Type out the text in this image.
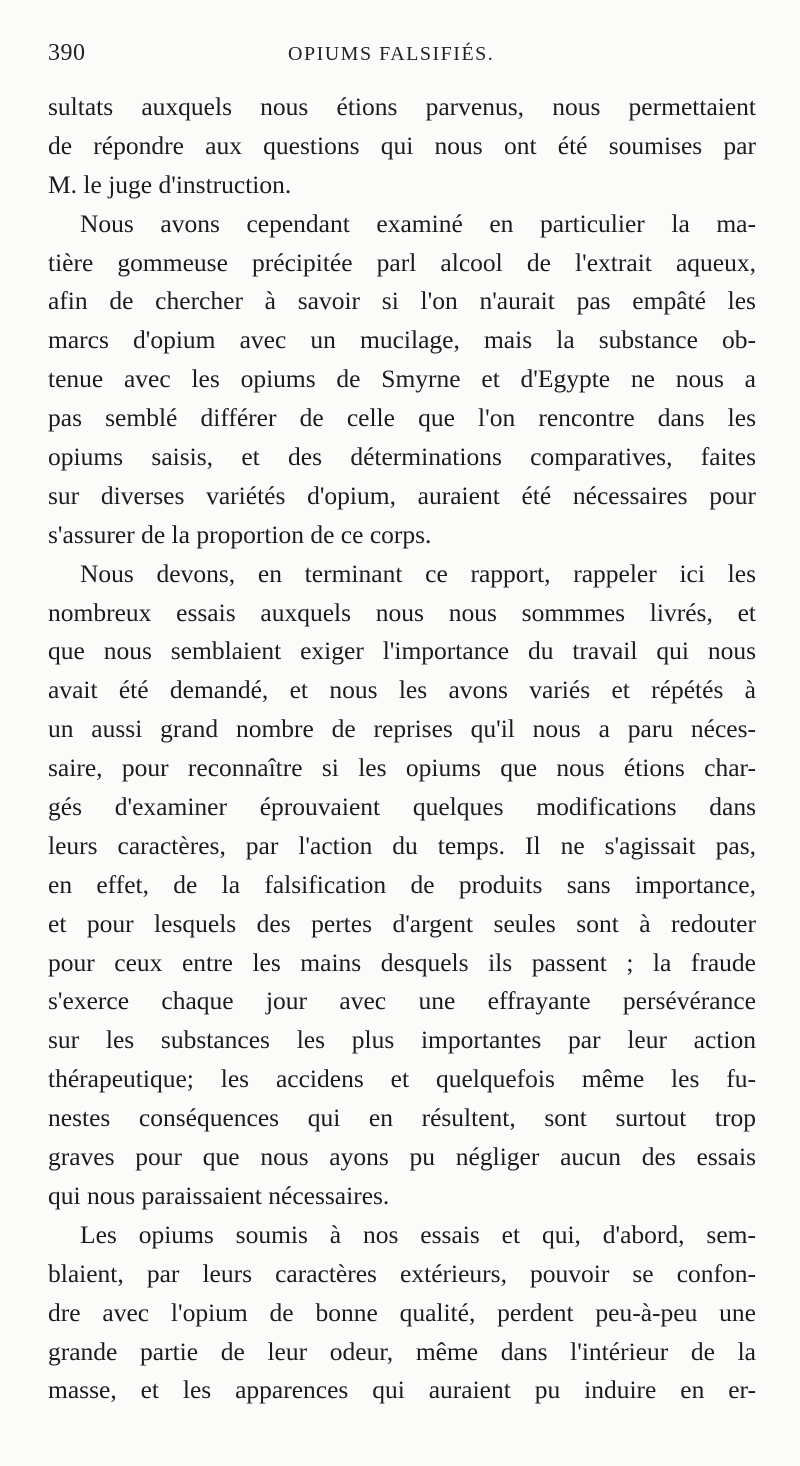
390	OPIUMS FALSIFIÉS.
sultats auxquels nous étions parvenus, nous permettaient
de répondre aux questions qui nous ont été soumises par
M. le juge d'instruction.
Nous avons cependant examiné en particulier la ma-
tière gommeuse précipitée parl alcool de l'extrait aqueux,
afin de chercher à savoir si l'on n'aurait pas empâté les
marcs d'opium avec un mucilage, mais la substance ob-
tenue avec les opiums de Smyrne et d'Egypte ne nous a
pas semblé différer de celle que l'on rencontre dans les
opiums saisis, et des déterminations comparatives, faites
sur diverses variétés d'opium, auraient été nécessaires pour
s'assurer de la proportion de ce corps.
Nous devons, en terminant ce rapport, rappeler ici les
nombreux essais auxquels nous nous sommmes livrés, et
que nous semblaient exiger l'importance du travail qui nous
avait été demandé, et nous les avons variés et répétés à
un aussi grand nombre de reprises qu'il nous a paru néces-
saire, pour reconnaître si les opiums que nous étions char-
gés d'examiner éprouvaient quelques modifications dans
leurs caractères, par l'action du temps. Il ne s'agissait pas,
en effet, de la falsification de produits sans importance,
et pour lesquels des pertes d'argent seules sont à redouter
pour ceux entre les mains desquels ils passent ; la fraude
s'exerce chaque jour avec une effrayante persévérance
sur les substances les plus importantes par leur action
thérapeutique; les accidens et quelquefois même les fu-
nestes conséquences qui en résultent, sont surtout trop
graves pour que nous ayons pu négliger aucun des essais
qui nous paraissaient nécessaires.
Les opiums soumis à nos essais et qui, d'abord, sem-
blaient, par leurs caractères extérieurs, pouvoir se confon-
dre avec l'opium de bonne qualité, perdent peu-à-peu une
grande partie de leur odeur, même dans l'intérieur de la
masse, et les apparences qui auraient pu induire en er-
